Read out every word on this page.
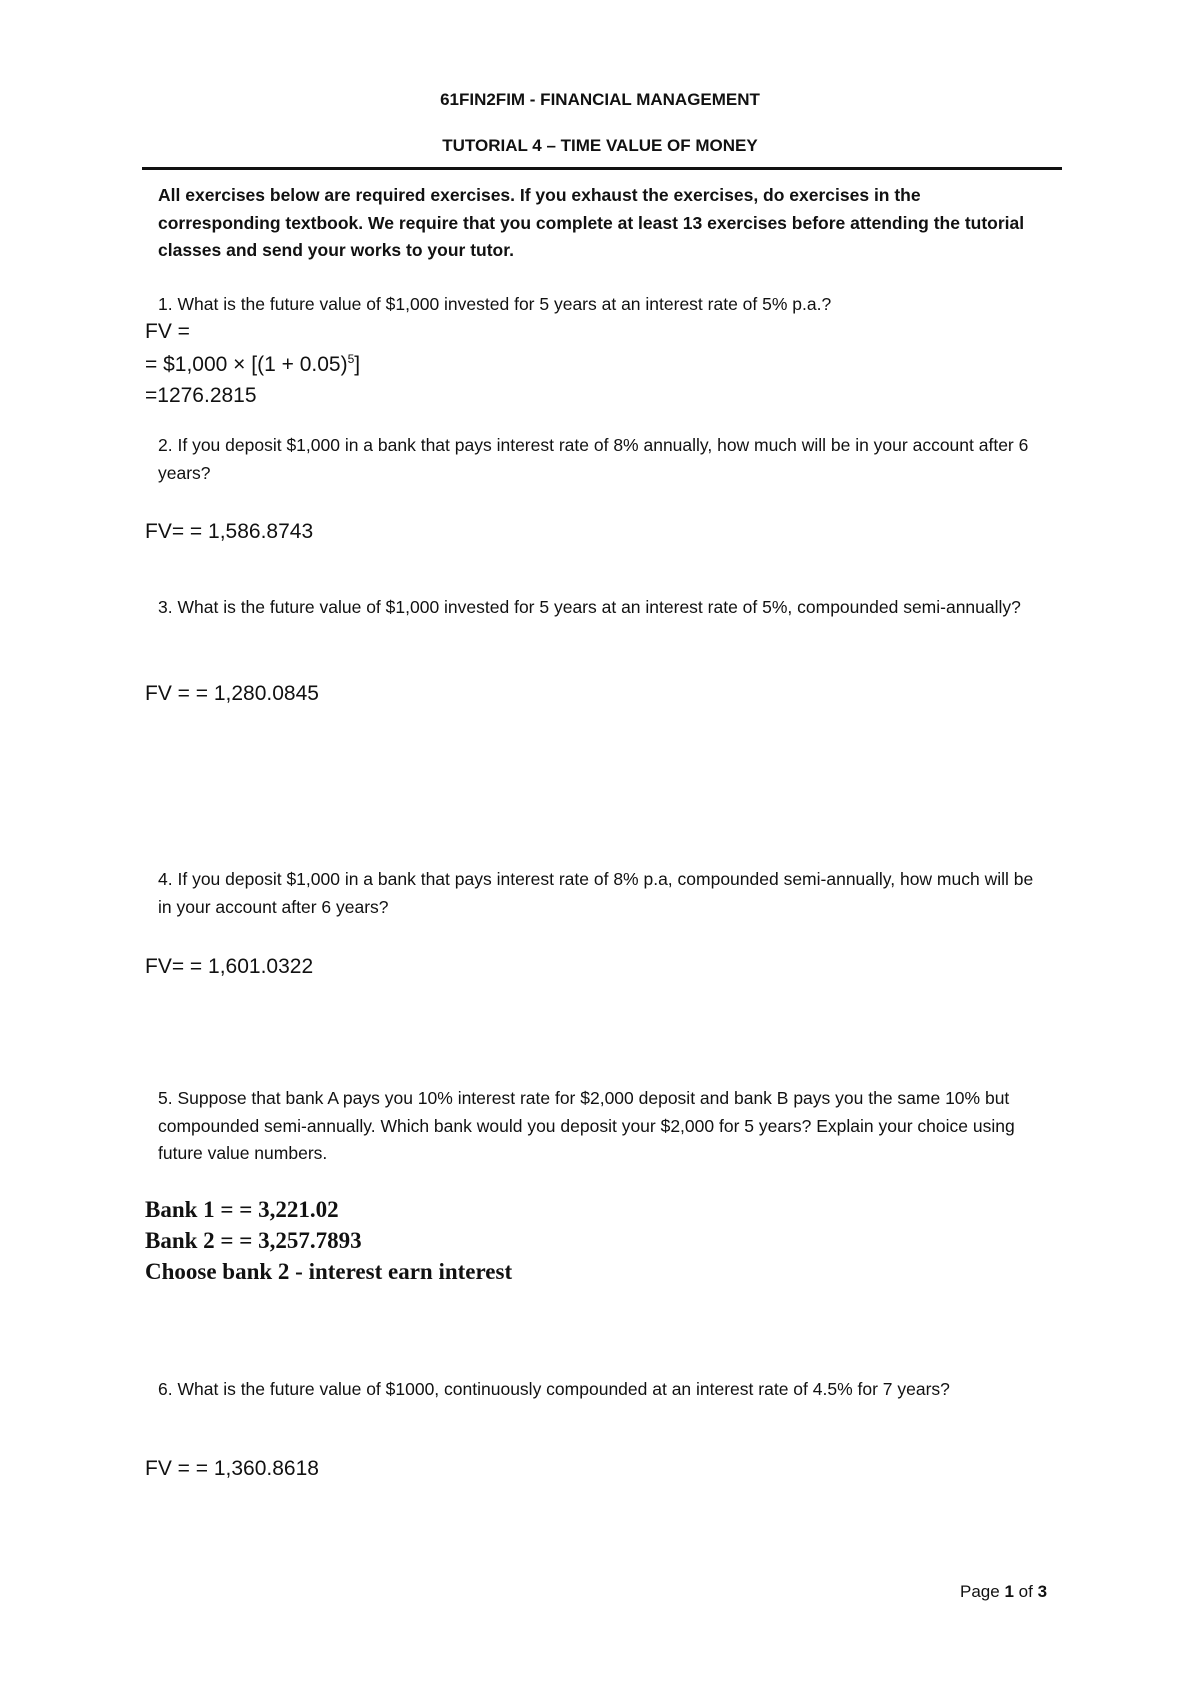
61FIN2FIM - FINANCIAL MANAGEMENT
TUTORIAL 4 – TIME VALUE OF MONEY
All exercises below are required exercises. If you exhaust the exercises, do exercises in the corresponding textbook. We require that you complete at least 13 exercises before attending the tutorial classes and send your works to your tutor.
1. What is the future value of $1,000 invested for 5 years at an interest rate of 5% p.a.?
FV =
= $1,000 × $[(1 + 0.05)^5]$
=1276.2815
2. If you deposit $1,000 in a bank that pays interest rate of 8% annually, how much will be in your account after 6 years?
FV= = 1,586.8743
3. What is the future value of $1,000 invested for 5 years at an interest rate of 5%, compounded semi-annually?
FV = = 1,280.0845
4. If you deposit $1,000 in a bank that pays interest rate of 8% p.a, compounded semi-annually, how much will be in your account after 6 years?
FV= = 1,601.0322
5. Suppose that bank A pays you 10% interest rate for $2,000 deposit and bank B pays you the same 10% but compounded semi-annually. Which bank would you deposit your $2,000 for 5 years? Explain your choice using future value numbers.
Bank 1 = = 3,221.02
Bank 2 = = 3,257.7893
Choose bank 2 - interest earn interest
6. What is the future value of $1000, continuously compounded at an interest rate of 4.5% for 7 years?
FV = = 1,360.8618
Page 1 of 3
